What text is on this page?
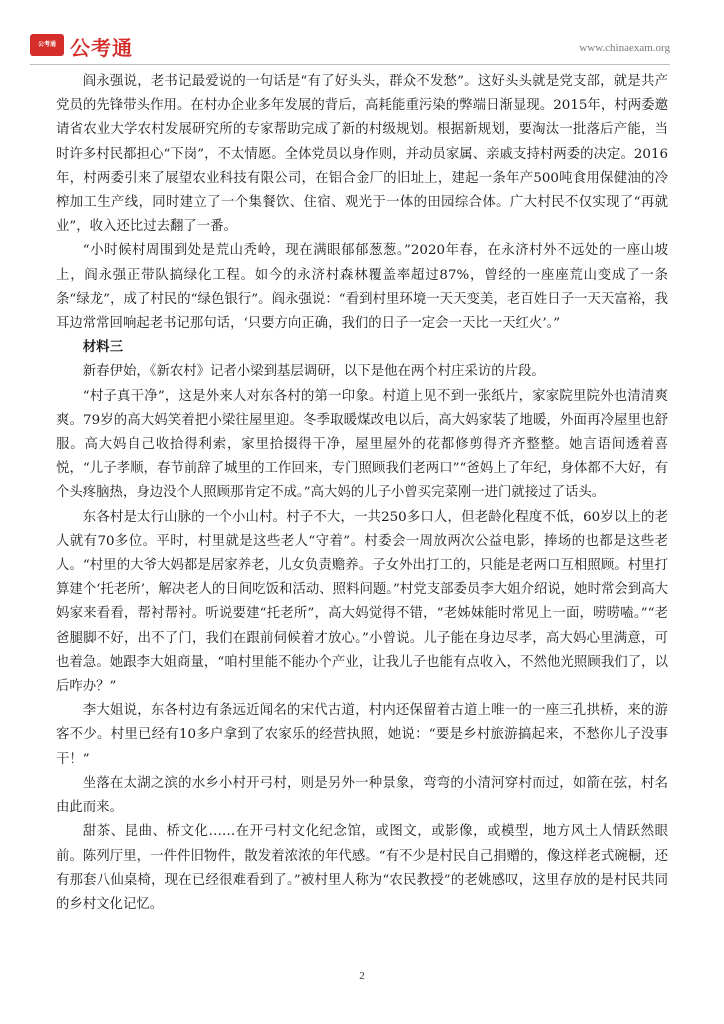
公考通 公考通	www.chinaexam.org

阎永强说，老书记最爱说的一句话是“有了好头头，群众不发愁”。这好头头就是党支部，就是共产党员的先锋带头作用。在村办企业多年发展的背后，高耗能重污染的弊端日渐显现。2015年，村两委邀请省农业大学农村发展研究所的专家帮助完成了新的村级规划。根据新规划，要淘汰一批落后产能，当时许多村民都担心“下岗”，不太情愿。全体党员以身作则，并动员家属、亲戚支持村两委的决定。2016年，村两委引来了展望农业科技有限公司，在铝合金厂的旧址上，建起一条年产500吨食用保健油的冷榨加工生产线，同时建立了一个集餐饮、住宿、观光于一体的田园综合体。广大村民不仅实现了“再就业”，收入还比过去翻了一番。

“小时候村周围到处是荒山秃岭，现在满眼郁郁葱葱。”2020年春，在永济村外不远处的一座山坡上，阎永强正带队搞绿化工程。如今的永济村森林覆盖率超过87%，曾经的一座座荒山变成了一条条“绿龙”，成了村民的“绿色银行”。阎永强说：“看到村里环境一天天变美，老百姓日子一天天富裕，我耳边常常回响起老书记那句话，‘只要方向正确，我们的日子一定会一天比一天红火’。”

材料三

新春伊始，《新农村》记者小梁到基层调研，以下是他在两个村庄采访的片段。

“村子真干净”，这是外来人对东各村的第一印象。村道上见不到一张纸片，家家院里院外也清清爽爽。79岁的高大妈笑着把小梁往屋里迎。冬季取暖煤改电以后，高大妈家装了地暖，外面再冷屋里也舒服。高大妈自己收拾得利索，家里拾掇得干净，屋里屋外的花都修剪得齐齐整整。她言语间透着喜悦，“儿子孝顺，春节前辞了城里的工作回来，专门照顾我们老两口”“爸妈上了年纪，身体都不大好，有个头疼脑热，身边没个人照顾那肯定不成。”高大妈的儿子小曾买完菜刚一进门就接过了话头。

东各村是太行山脉的一个小山村。村子不大，一共250多口人，但老龄化程度不低，60岁以上的老人就有70多位。平时，村里就是这些老人“守着”。村委会一周放两次公益电影，捧场的也都是这些老人。“村里的大爷大妈都是居家养老，儿女负责赡养。子女外出打工的，只能是老两口互相照顾。村里打算建个‘托老所’，解决老人的日间吃饭和活动、照料问题。”村党支部委员李大姐介绍说，她时常会到高大妈家来看看，帮衬帮衬。听说要建“托老所”，高大妈觉得不错，“老姊妹能时常见上一面，唠唠嗑。”“老爸腿脚不好，出不了门，我们在跟前伺候着才放心。”小曾说。儿子能在身边尽孝，高大妈心里满意，可也着急。她跟李大姐商量，“咱村里能不能办个产业，让我儿子也能有点收入，不然他光照顾我们了，以后咋办？”

李大姐说，东各村边有条远近闻名的宋代古道，村内还保留着古道上唯一的一座三孔拱桥，来的游客不少。村里已经有10多户拿到了农家乐的经营执照，她说：“要是乡村旅游搞起来，不愁你儿子没事干！”

坐落在太湖之滨的水乡小村开弓村，则是另外一种景象，弯弯的小清河穿村而过，如箭在弦，村名由此而来。

甜茶、昆曲、桥文化……在开弓村文化纪念馆，或图文，或影像，或模型，地方风土人情跃然眼前。陈列厅里，一件件旧物件，散发着浓浓的年代感。“有不少是村民自己捐赠的，像这样老式碗橱，还有那套八仙桌椅，现在已经很难看到了。”被村里人称为“农民教授”的老姚感叹，这里存放的是村民共同的乡村文化记忆。

2
